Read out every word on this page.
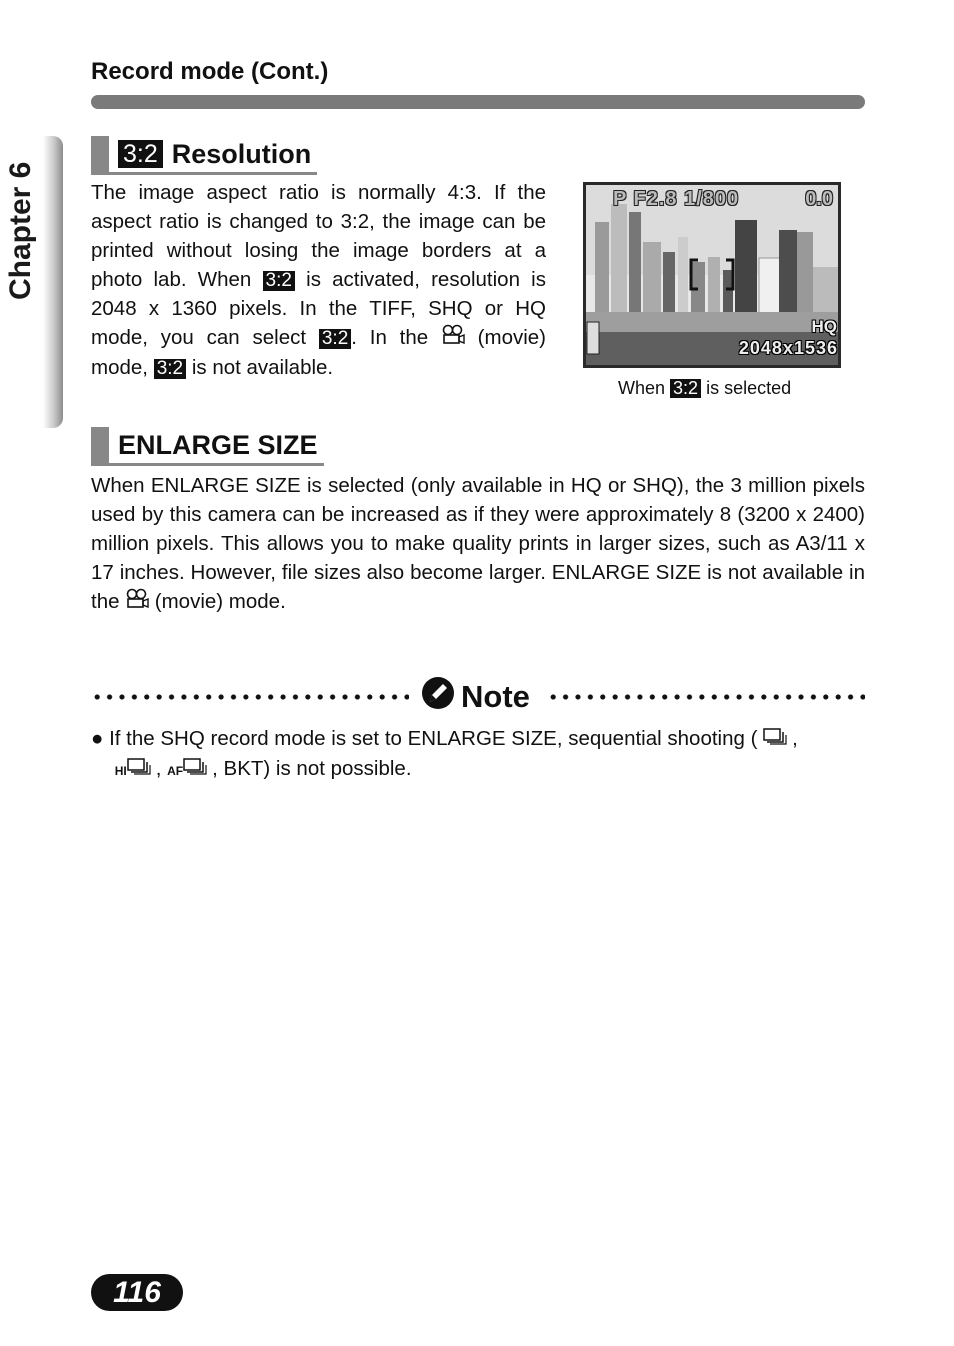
Record mode (Cont.)
Chapter 6
3:2 Resolution

The image aspect ratio is normally 4:3. If the aspect ratio is changed to 3:2, the image can be printed without losing the image borders at a photo lab. When 3:2 is activated, resolution is 2048 x 1360 pixels. In the TIFF, SHQ or HQ mode, you can select 3:2 . In the (movie) mode, 3:2 is not available.

P F2.8 1/800	0.0
HQ
2048x1536
When 3:2 is selected
ENLARGE SIZE

When ENLARGE SIZE is selected (only available in HQ or SHQ), the 3 million pixels used by this camera can be increased as if they were approximately 8 (3200 x 2400) million pixels. This allows you to make quality prints in larger sizes, such as A3/11 x 17 inches. However, file sizes also become larger. ENLARGE SIZE is not available in the (movie) mode.

Note

● If the SHQ record mode is set to ENLARGE SIZE, sequential shooting ( ,
HI , AF , BKT) is not possible.

116
